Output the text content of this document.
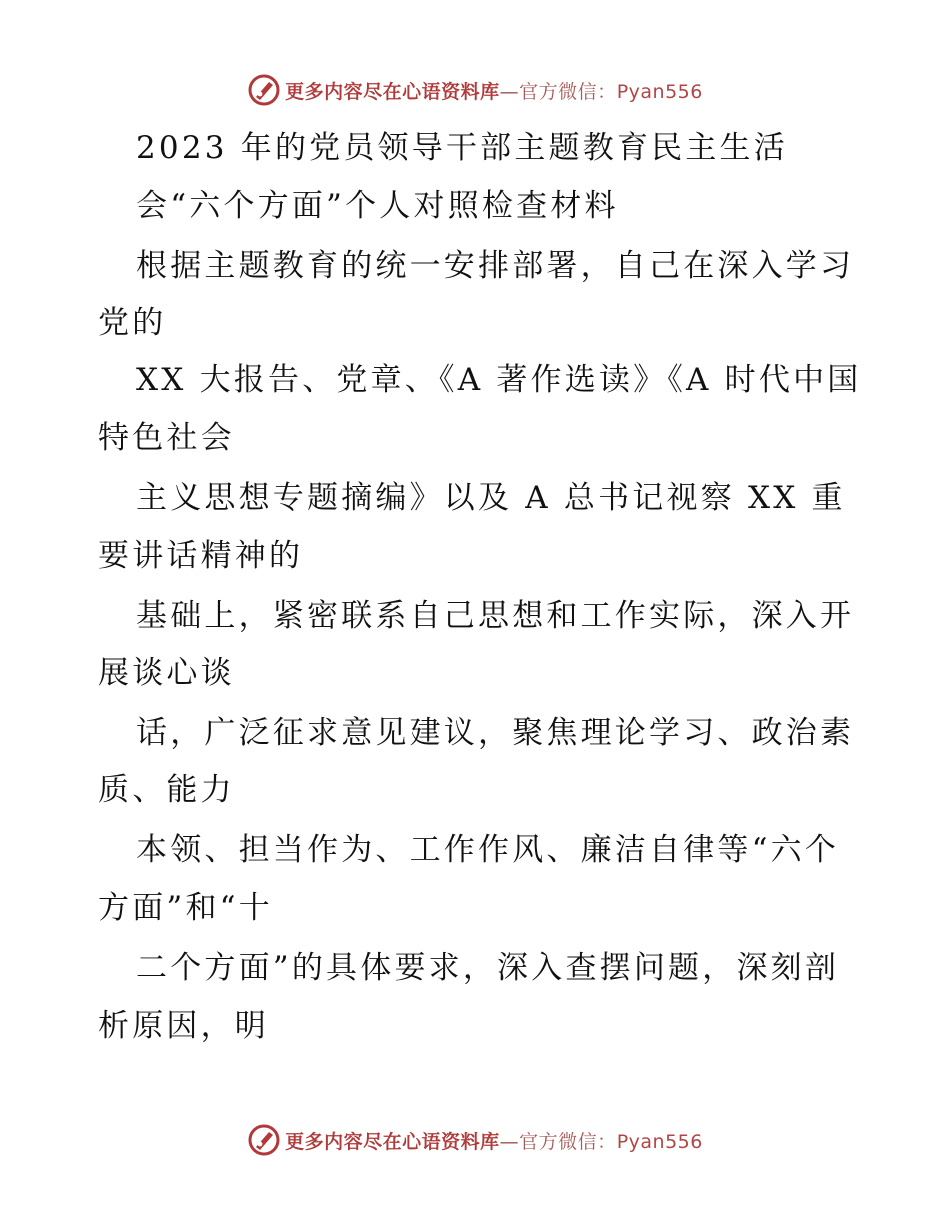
更多内容尽在心语资料库—官方微信：Pyan556
2023 年的党员领导干部主题教育民主生活
会“六个方面”个人对照检查材料
根据主题教育的统一安排部署，自己在深入学习
党的
XX 大报告、党章、《A 著作选读》《A 时代中国
特色社会
主义思想专题摘编》以及 A 总书记视察 XX 重
要讲话精神的
基础上，紧密联系自己思想和工作实际，深入开
展谈心谈
话，广泛征求意见建议，聚焦理论学习、政治素
质、能力
本领、担当作为、工作作风、廉洁自律等“六个
方面”和“十
二个方面”的具体要求，深入查摆问题，深刻剖
析原因，明
更多内容尽在心语资料库—官方微信：Pyan556
